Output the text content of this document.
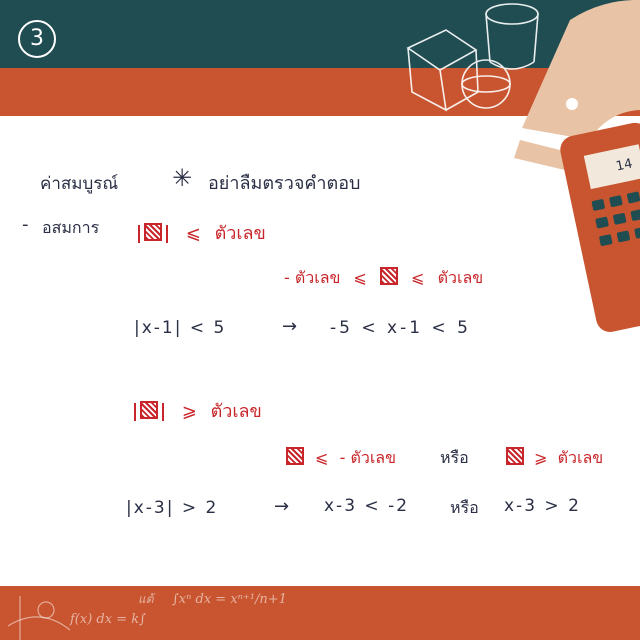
3
14
ค่าสมบูรณ์ ✳ อย่าลืมตรวจคำตอบ
- อสมการ	⩽ ตัวเลข
- ตัวเลข ⩽	⩽ ตัวเลข
|x-1| < 5	→ -5 < x-1 < 5
⩾ ตัวเลข
⩽ - ตัวเลข	หรือ	⩾ ตัวเลข
|x-3| > 2	→ x-3 < -2	หรือ x-3 > 2
แต้ ∫xⁿ dx = xⁿ⁺¹/n+1
f(x) dx = k∫
